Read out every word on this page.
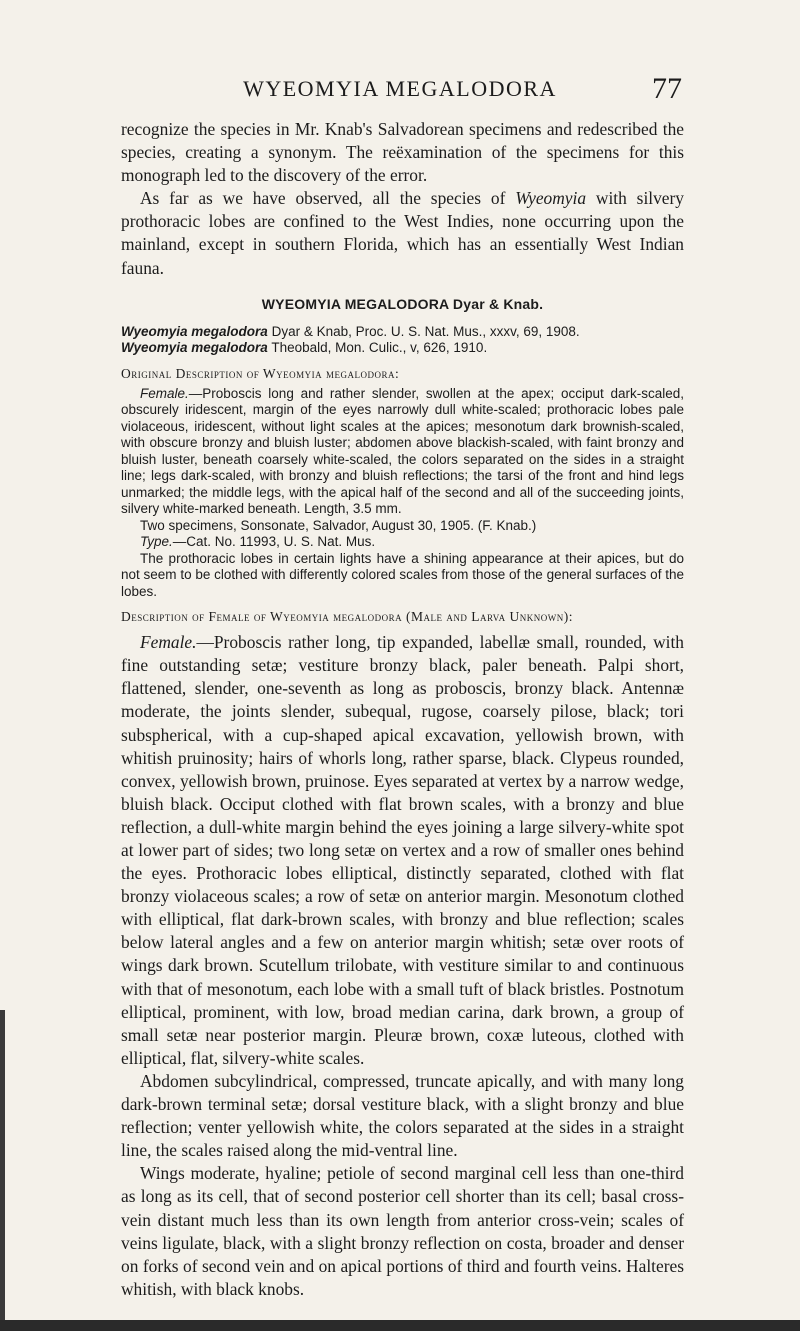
WYEOMYIA MEGALODORA	77

recognize the species in Mr. Knab's Salvadorean specimens and redescribed the species, creating a synonym. The reëxamination of the specimens for this monograph led to the discovery of the error.

As far as we have observed, all the species of Wyeomyia with silvery prothoracic lobes are confined to the West Indies, none occurring upon the mainland, except in southern Florida, which has an essentially West Indian fauna.

WYEOMYIA MEGALODORA Dyar & Knab.

Wyeomyia megalodora Dyar & Knab, Proc. U. S. Nat. Mus., xxxv, 69, 1908.

Wyeomyia megalodora Theobald, Mon. Culic., v, 626, 1910.

Original Description of Wyeomyia megalodora:

Female.—Proboscis long and rather slender, swollen at the apex; occiput dark-scaled, obscurely iridescent, margin of the eyes narrowly dull white-scaled; prothoracic lobes pale violaceous, iridescent, without light scales at the apices; mesonotum dark brownish-scaled, with obscure bronzy and bluish luster; abdomen above blackish-scaled, with faint bronzy and bluish luster, beneath coarsely white-scaled, the colors separated on the sides in a straight line; legs dark-scaled, with bronzy and bluish reflections; the tarsi of the front and hind legs unmarked; the middle legs, with the apical half of the second and all of the succeeding joints, silvery white-marked beneath. Length, 3.5 mm.

Two specimens, Sonsonate, Salvador, August 30, 1905. (F. Knab.)

Type.—Cat. No. 11993, U. S. Nat. Mus.

The prothoracic lobes in certain lights have a shining appearance at their apices, but do not seem to be clothed with differently colored scales from those of the general surfaces of the lobes.

Description of Female of Wyeomyia megalodora (Male and Larva Unknown):

Female.—Proboscis rather long, tip expanded, labellæ small, rounded, with fine outstanding setæ; vestiture bronzy black, paler beneath. Palpi short, flattened, slender, one-seventh as long as proboscis, bronzy black. Antennæ moderate, the joints slender, subequal, rugose, coarsely pilose, black; tori subspherical, with a cup-shaped apical excavation, yellowish brown, with whitish pruinosity; hairs of whorls long, rather sparse, black. Clypeus rounded, convex, yellowish brown, pruinose. Eyes separated at vertex by a narrow wedge, bluish black. Occiput clothed with flat brown scales, with a bronzy and blue reflection, a dull-white margin behind the eyes joining a large silvery-white spot at lower part of sides; two long setæ on vertex and a row of smaller ones behind the eyes. Prothoracic lobes elliptical, distinctly separated, clothed with flat bronzy violaceous scales; a row of setæ on anterior margin. Mesonotum clothed with elliptical, flat dark-brown scales, with bronzy and blue reflection; scales below lateral angles and a few on anterior margin whitish; setæ over roots of wings dark brown. Scutellum trilobate, with vestiture similar to and continuous with that of mesonotum, each lobe with a small tuft of black bristles. Postnotum elliptical, prominent, with low, broad median carina, dark brown, a group of small setæ near posterior margin. Pleuræ brown, coxæ luteous, clothed with elliptical, flat, silvery-white scales.

Abdomen subcylindrical, compressed, truncate apically, and with many long dark-brown terminal setæ; dorsal vestiture black, with a slight bronzy and blue reflection; venter yellowish white, the colors separated at the sides in a straight line, the scales raised along the mid-ventral line.

Wings moderate, hyaline; petiole of second marginal cell less than one-third as long as its cell, that of second posterior cell shorter than its cell; basal cross-vein distant much less than its own length from anterior cross-vein; scales of veins ligulate, black, with a slight bronzy reflection on costa, broader and denser on forks of second vein and on apical portions of third and fourth veins. Halteres whitish, with black knobs.
